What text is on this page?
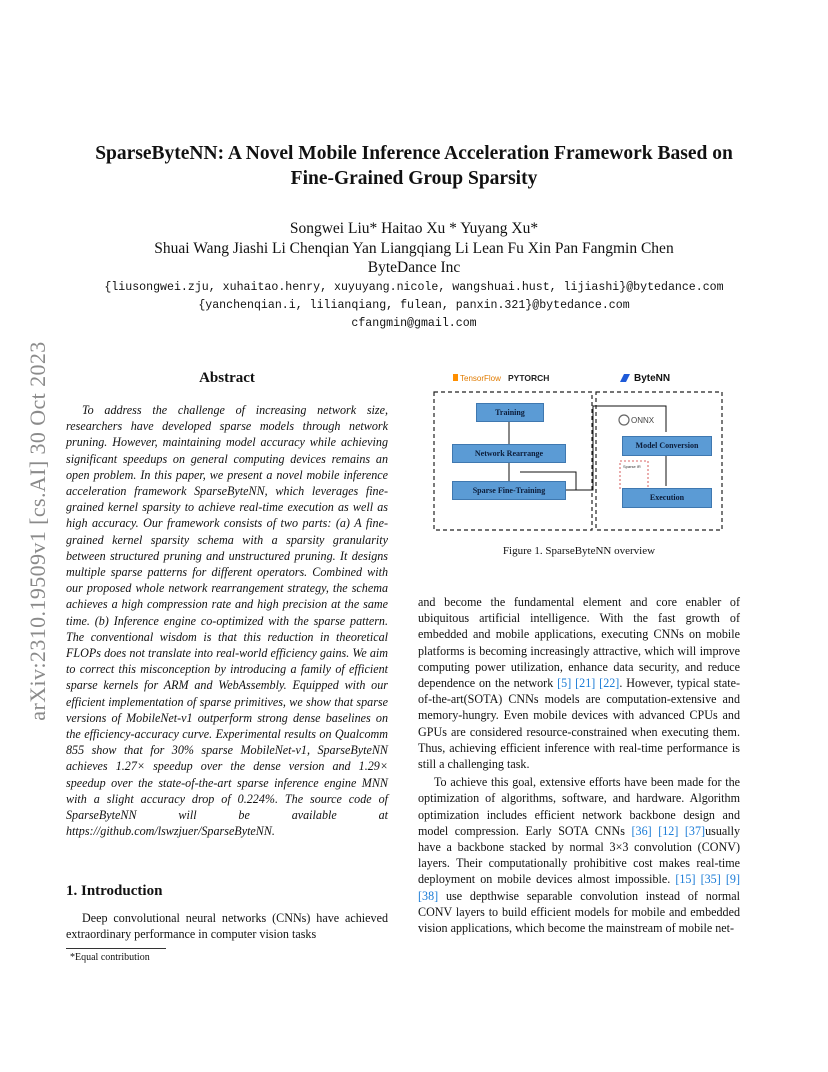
arXiv:2310.19509v1 [cs.AI] 30 Oct 2023
SparseByteNN: A Novel Mobile Inference Acceleration Framework Based on
Fine-Grained Group Sparsity
Songwei Liu* Haitao Xu * Yuyang Xu*
Shuai Wang Jiashi Li Chenqian Yan Liangqiang Li Lean Fu Xin Pan Fangmin Chen
ByteDance Inc
{liusongwei.zju, xuhaitao.henry, xuyuyang.nicole, wangshuai.hust, lijiashi}@bytedance.com
{yanchenqian.i, lilianqiang, fulean, panxin.321}@bytedance.com
cfangmin@gmail.com
Abstract

To address the challenge of increasing network size, researchers have developed sparse models through network pruning. However, maintaining model accuracy while achieving significant speedups on general computing devices remains an open problem. In this paper, we present a novel mobile inference acceleration framework SparseByteNN, which leverages fine-grained kernel sparsity to achieve real-time execution as well as high accuracy. Our framework consists of two parts: (a) A fine-grained kernel sparsity schema with a sparsity granularity between structured pruning and unstructured pruning. It designs multiple sparse patterns for different operators. Combined with our proposed whole network rearrangement strategy, the schema achieves a high compression rate and high precision at the same time. (b) Inference engine co-optimized with the sparse pattern. The conventional wisdom is that this reduction in theoretical FLOPs does not translate into real-world efficiency gains. We aim to correct this misconception by introducing a family of efficient sparse kernels for ARM and WebAssembly. Equipped with our efficient implementation of sparse primitives, we show that sparse versions of MobileNet-v1 outperform strong dense baselines on the efficiency-accuracy curve. Experimental results on Qualcomm 855 show that for 30% sparse MobileNet-v1, SparseByteNN achieves 1.27× speedup over the dense version and 1.29× speedup over the state-of-the-art sparse inference engine MNN with a slight accuracy drop of 0.224%. The source code of SparseByteNN will be available at https://github.com/lswzjuer/SparseByteNN.

1. Introduction

Deep convolutional neural networks (CNNs) have achieved extraordinary performance in computer vision tasks

*Equal contribution
TensorFlow PYTORCH	ByteNN
ONNX
Sparse IR
Training
Network Rearrange
Sparse Fine-Training
Model Conversion
Execution
Figure 1. SparseByteNN overview

and become the fundamental element and core enabler of ubiquitous artificial intelligence. With the fast growth of embedded and mobile applications, executing CNNs on mobile platforms is becoming increasingly attractive, which will improve computing power utilization, enhance data security, and reduce dependence on the network [5] [21] [22]. However, typical state-of-the-art(SOTA) CNNs models are computation-extensive and memory-hungry. Even mobile devices with advanced CPUs and GPUs are considered resource-constrained when executing them. Thus, achieving efficient inference with real-time performance is still a challenging task.

To achieve this goal, extensive efforts have been made for the optimization of algorithms, software, and hardware. Algorithm optimization includes efficient network backbone design and model compression. Early SOTA CNNs [36] [12] [37]usually have a backbone stacked by normal 3×3 convolution (CONV) layers. Their computationally prohibitive cost makes real-time deployment on mobile devices almost impossible. [15] [35] [9] [38] use depthwise separable convolution instead of normal CONV layers to build efficient models for mobile and embedded vision applications, which become the mainstream of mobile net-
